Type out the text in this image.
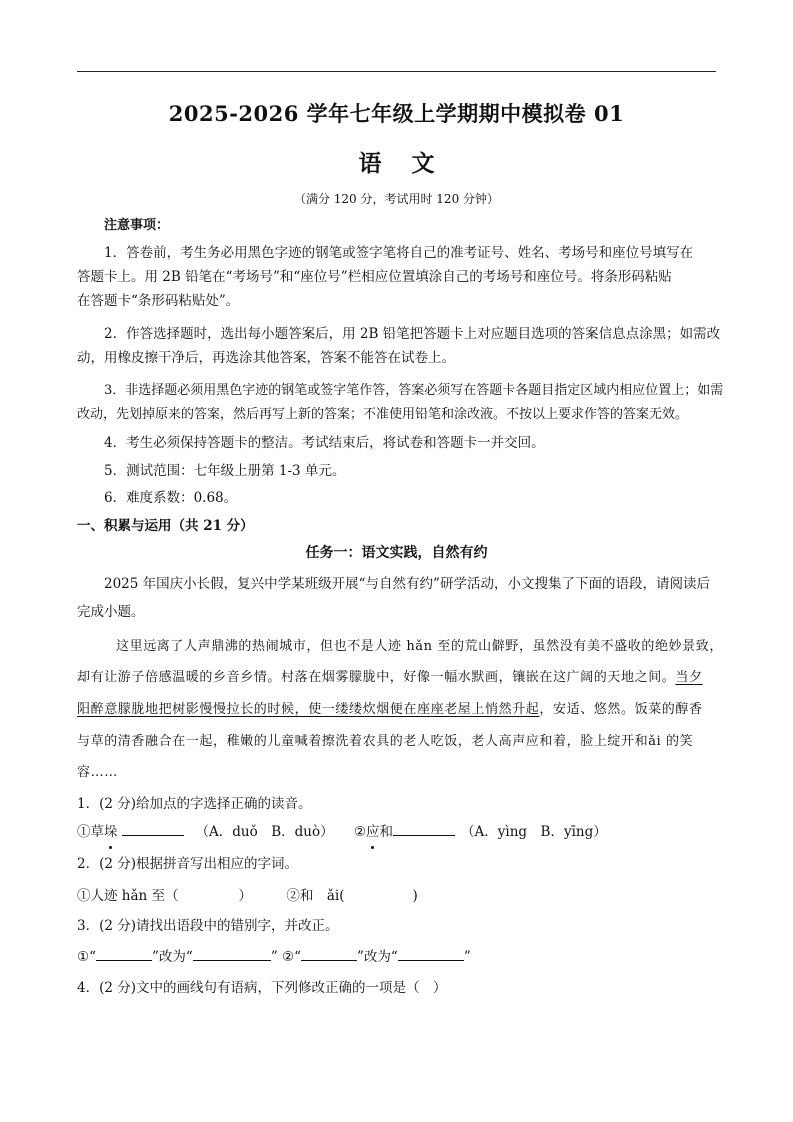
2025-2026 学年七年级上学期期中模拟卷 01
语 文
（满分 120 分，考试用时 120 分钟）
注意事项：
1．答卷前，考生务必用黑色字迹的钢笔或签字笔将自己的准考证号、姓名、考场号和座位号填写在
答题卡上。用 2B 铅笔在“考场号”和“座位号”栏相应位置填涂自己的考场号和座位号。将条形码粘贴
在答题卡“条形码粘贴处”。
2．作答选择题时，选出每小题答案后，用 2B 铅笔把答题卡上对应题目选项的答案信息点涂黑；如需改
动，用橡皮擦干净后，再选涂其他答案，答案不能答在试卷上。
3．非选择题必须用黑色字迹的钢笔或签字笔作答，答案必须写在答题卡各题目指定区域内相应位置上；如需
改动，先划掉原来的答案，然后再写上新的答案；不准使用铅笔和涂改液。不按以上要求作答的答案无效。
4．考生必须保持答题卡的整洁。考试结束后，将试卷和答题卡一并交回。
5．测试范围：七年级上册第 1-3 单元。
6．难度系数：0.68。
一、积累与运用（共 21 分）
任务一：语文实践，自然有约
2025 年国庆小长假，复兴中学某班级开展“与自然有约”研学活动，小文搜集了下面的语段，请阅读后
完成小题。
这里远离了人声鼎沸的热闹城市，但也不是人迹 hǎn 至的荒山僻野，虽然没有美不盛收的绝妙景致，
却有让游子倍感温暖的乡音乡情。村落在烟雾朦胧中，好像一幅水默画，镶嵌在这广阔的天地之间。当夕
阳醉意朦胧地把树影慢慢拉长的时候，使一缕缕炊烟便在座座老屋上悄然升起，安适、悠然。饭菜的醇香
与草的清香融合在一起，稚嫩的儿童喊着擦洗着农具的老人吃饭，老人高声应和着，脸上绽开和ǎi 的笑
容……
1．(2 分)给加点的字选择正确的读音。
①草垛	（A．duǒ　B．duò） ②应和	（A．yìng　B．yīng）
2．(2 分)根据拼音写出相应的字词。
①人迹 hǎn 至（	）	②和　ǎi(	)
3．(2 分)请找出语段中的错别字，并改正。
①“	”改为“	” ②“	”改为“	”
4．(2 分)文中的画线句有语病，下列修改正确的一项是（　）
